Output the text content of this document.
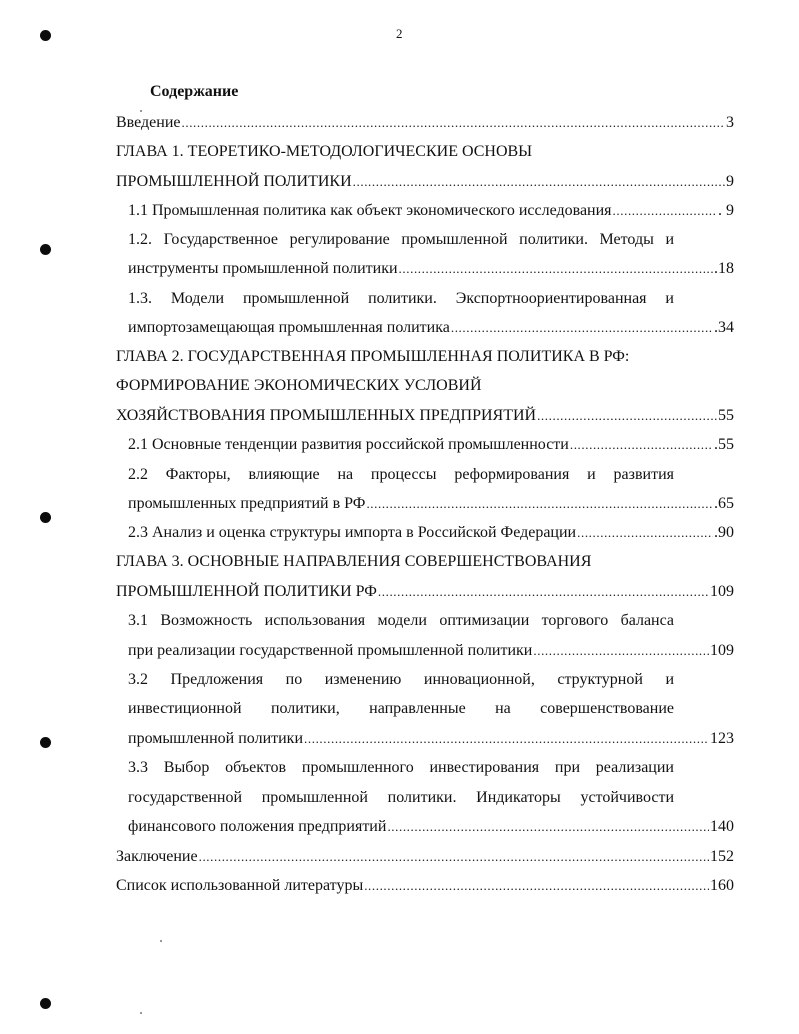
2
Содержание
Введение .....	3
ГЛАВА 1. ТЕОРЕТИКО-МЕТОДОЛОГИЧЕСКИЕ ОСНОВЫ
ПРОМЫШЛЕННОЙ ПОЛИТИКИ .....	9
1.1 Промышленная политика как объект экономического исследования .....	. 9
1.2. Государственное регулирование промышленной политики. Методы и
инструменты промышленной политики .....	.18
1.3. Модели промышленной политики. Экспортноориентированная и
импортозамещающая промышленная политика .....	.34
ГЛАВА 2. ГОСУДАРСТВЕННАЯ ПРОМЫШЛЕННАЯ ПОЛИТИКА В РФ:
ФОРМИРОВАНИЕ ЭКОНОМИЧЕСКИХ УСЛОВИЙ
ХОЗЯЙСТВОВАНИЯ ПРОМЫШЛЕННЫХ ПРЕДПРИЯТИЙ .....	55
2.1 Основные тенденции развития российской промышленности .....	.55
2.2 Факторы, влияющие на процессы реформирования и развития
промышленных предприятий в РФ .....	.65
2.3 Анализ и оценка структуры импорта в Российской Федерации .....	.90
ГЛАВА 3. ОСНОВНЫЕ НАПРАВЛЕНИЯ СОВЕРШЕНСТВОВАНИЯ
ПРОМЫШЛЕННОЙ ПОЛИТИКИ РФ .....	109
3.1 Возможность использования модели оптимизации торгового баланса
при реализации государственной промышленной политики .....	109
3.2 Предложения по изменению инновационной, структурной и
инвестиционной политики, направленные на совершенствование
промышленной политики .....	123
3.3 Выбор объектов промышленного инвестирования при реализации
государственной промышленной политики. Индикаторы устойчивости
финансового положения предприятий .....	140
Заключение .....	152
Список использованной литературы .....	160
